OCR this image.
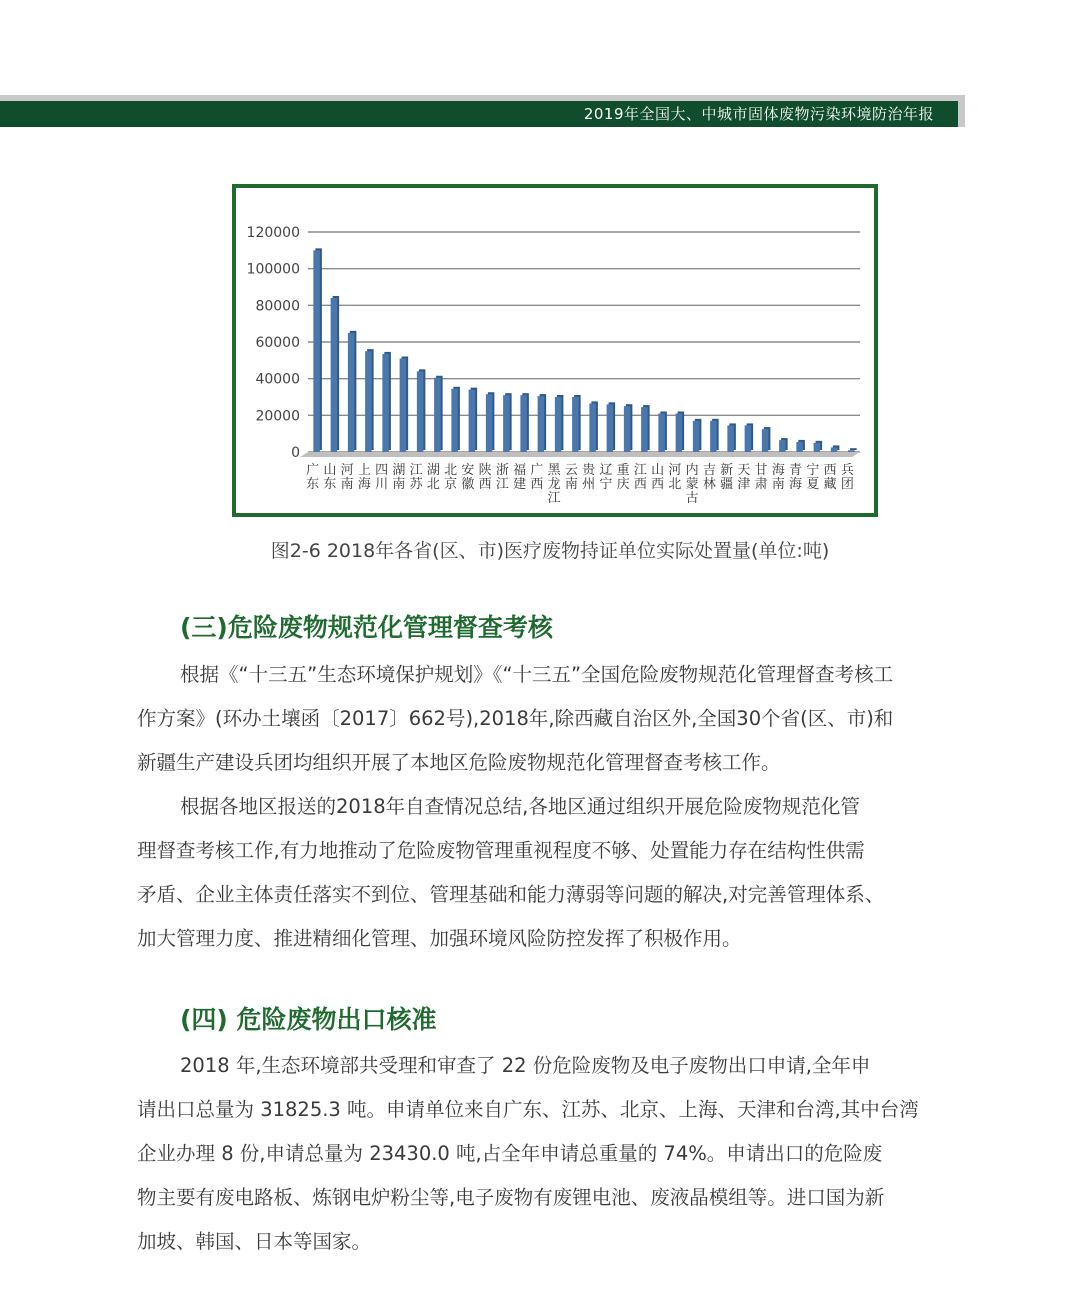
2019年全国大、中城市固体废物污染环境防治年报
0
20000
40000
60000
80000
100000
120000
广
东
山
东
河
南
上
海
四
川
湖
南
江
苏
湖
北
北
京
安
徽
陕
西
浙
江
福
建
广
西
黑
龙
江
云
南
贵
州
辽
宁
重
庆
江
西
山
西
河
北
内
蒙
古
吉
林
新
疆
天
津
甘
肃
海
南
青
海
宁
夏
西
藏
兵
团
图2-6 2018年各省(区、市)医疗废物持证单位实际处置量(单位:吨)
(三)危险废物规范化管理督查考核
根据《“十三五”生态环境保护规划》《“十三五”全国危险废物规范化管理督查考核工
作方案》(环办土壤函〔2017〕662号),2018年,除西藏自治区外,全国30个省(区、市)和
新疆生产建设兵团均组织开展了本地区危险废物规范化管理督查考核工作。
根据各地区报送的2018年自查情况总结,各地区通过组织开展危险废物规范化管
理督查考核工作,有力地推动了危险废物管理重视程度不够、处置能力存在结构性供需
矛盾、企业主体责任落实不到位、管理基础和能力薄弱等问题的解决,对完善管理体系、
加大管理力度、推进精细化管理、加强环境风险防控发挥了积极作用。
(四) 危险废物出口核准
2018 年,生态环境部共受理和审查了 22 份危险废物及电子废物出口申请,全年申
请出口总量为 31825.3 吨。申请单位来自广东、江苏、北京、上海、天津和台湾,其中台湾
企业办理 8 份,申请总量为 23430.0 吨,占全年申请总重量的 74%。申请出口的危险废
物主要有废电路板、炼钢电炉粉尘等,电子废物有废锂电池、废液晶模组等。进口国为新
加坡、韩国、日本等国家。
